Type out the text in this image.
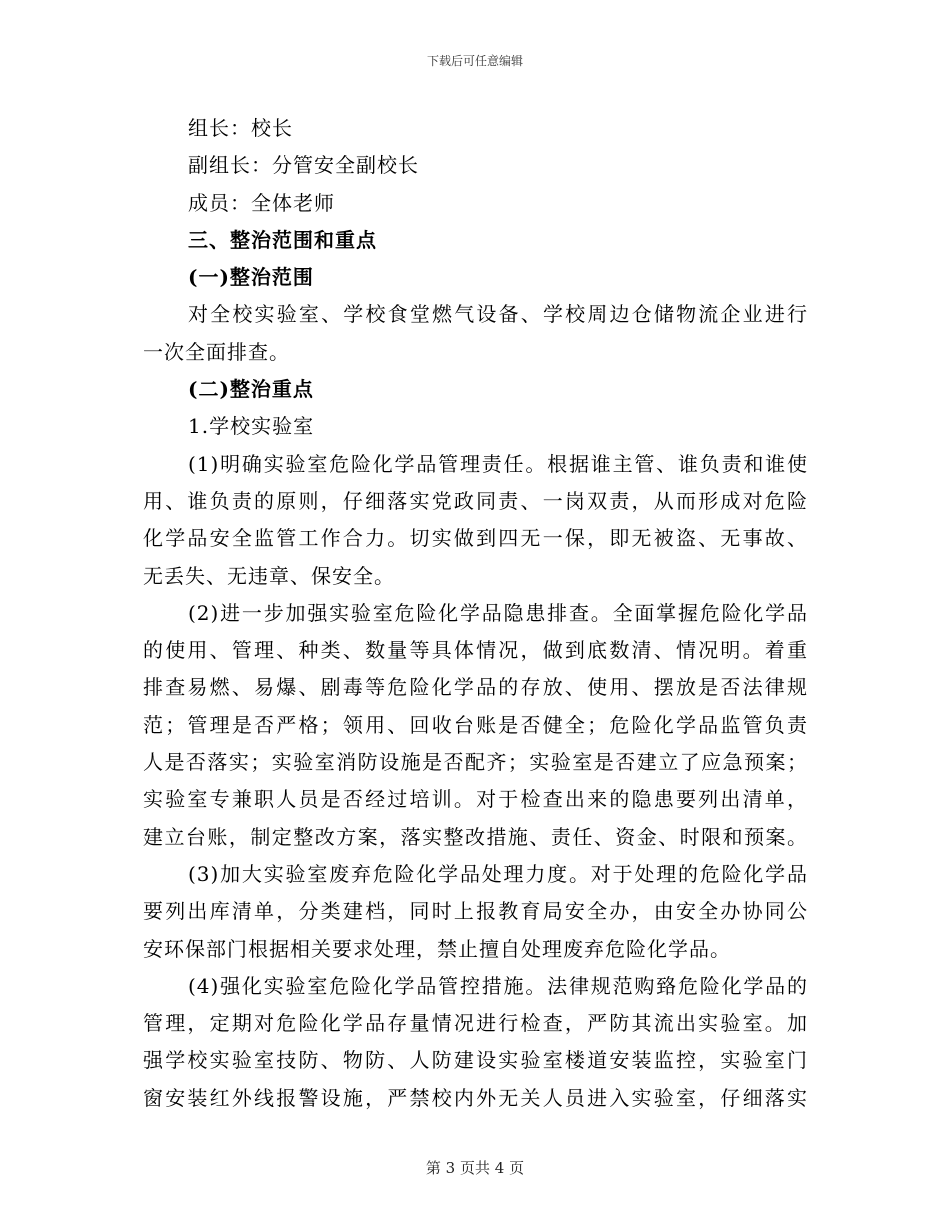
下载后可任意编辑
组长：校长
副组长：分管安全副校长
成员：全体老师
三、整治范围和重点
(一)整治范围
对全校实验室、学校食堂燃气设备、学校周边仓储物流企业进行
一次全面排查。
(二)整治重点
1.学校实验室
(1)明确实验室危险化学品管理责任。根据谁主管、谁负责和谁使
用、谁负责的原则，仔细落实党政同责、一岗双责，从而形成对危险
化学品安全监管工作合力。切实做到四无一保，即无被盗、无事故、
无丢失、无违章、保安全。
(2)进一步加强实验室危险化学品隐患排查。全面掌握危险化学品
的使用、管理、种类、数量等具体情况，做到底数清、情况明。着重
排查易燃、易爆、剧毒等危险化学品的存放、使用、摆放是否法律规
范；管理是否严格；领用、回收台账是否健全；危险化学品监管负责
人是否落实；实验室消防设施是否配齐；实验室是否建立了应急预案；
实验室专兼职人员是否经过培训。对于检查出来的隐患要列出清单，
建立台账，制定整改方案，落实整改措施、责任、资金、时限和预案。
(3)加大实验室废弃危险化学品处理力度。对于处理的危险化学品
要列出库清单，分类建档，同时上报教育局安全办，由安全办协同公
安环保部门根据相关要求处理，禁止擅自处理废弃危险化学品。
(4)强化实验室危险化学品管控措施。法律规范购臵危险化学品的
管理，定期对危险化学品存量情况进行检查，严防其流出实验室。加
强学校实验室技防、物防、人防建设实验室楼道安装监控，实验室门
窗安装红外线报警设施，严禁校内外无关人员进入实验室，仔细落实
第 3 页共 4 页
